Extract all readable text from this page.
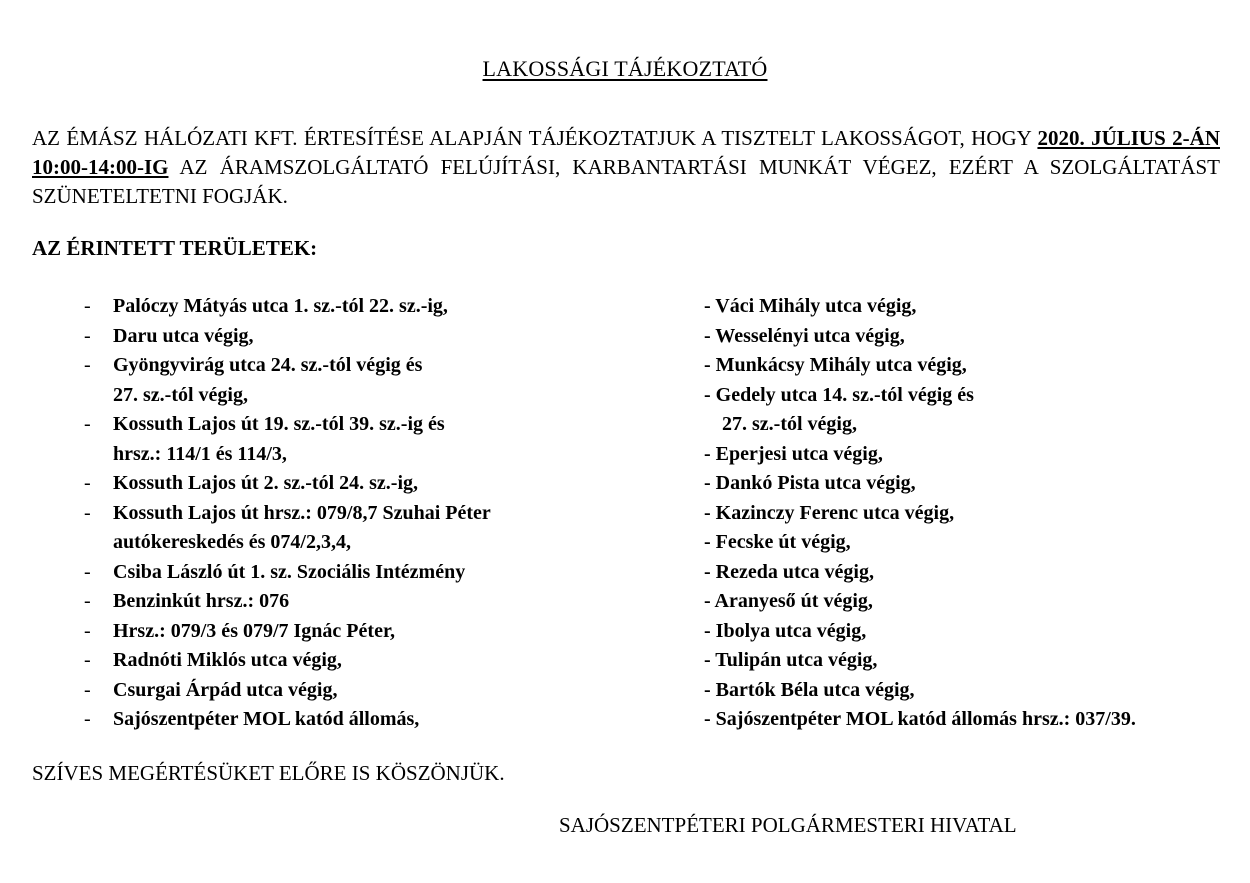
LAKOSSÁGI TÁJÉKOZTATÓ
AZ ÉMÁSZ HÁLÓZATI KFT. ÉRTESÍTÉSE ALAPJÁN TÁJÉKOZTATJUK A TISZTELT LAKOSSÁGOT, HOGY 2020. JÚLIUS 2-ÁN 10:00-14:00-IG AZ ÁRAMSZOLGÁLTATÓ FELÚJÍTÁSI, KARBANTARTÁSI MUNKÁT VÉGEZ, EZÉRT A SZOLGÁLTATÁST SZÜNETELTETNI FOGJÁK.
AZ ÉRINTETT TERÜLETEK:
-	Palóczy Mátyás utca 1. sz.-tól 22. sz.-ig,
-	Daru utca végig,
-	Gyöngyvirág utca 24. sz.-tól végig és
27. sz.-tól végig,
-	Kossuth Lajos út 19. sz.-tól 39. sz.-ig és
hrsz.: 114/1 és 114/3,
-	Kossuth Lajos út 2. sz.-tól 24. sz.-ig,
-	Kossuth Lajos út hrsz.: 079/8,7 Szuhai Péter
autókereskedés és 074/2,3,4,
-	Csiba László út 1. sz. Szociális Intézmény
-	Benzinkút hrsz.: 076
-	Hrsz.: 079/3 és 079/7 Ignác Péter,
-	Radnóti Miklós utca végig,
-	Csurgai Árpád utca végig,
-	Sajószentpéter MOL katód állomás,
- Váci Mihály utca végig,
- Wesselényi utca végig,
- Munkácsy Mihály utca végig,
- Gedely utca 14. sz.-tól végig és
27. sz.-tól végig,
- Eperjesi utca végig,
- Dankó Pista utca végig,
- Kazinczy Ferenc utca végig,
- Fecske út végig,
- Rezeda utca végig,
- Aranyeső út végig,
- Ibolya utca végig,
- Tulipán utca végig,
- Bartók Béla utca végig,
- Sajószentpéter MOL katód állomás hrsz.: 037/39.
SZÍVES MEGÉRTÉSÜKET ELŐRE IS KÖSZÖNJÜK.
SAJÓSZENTPÉTERI POLGÁRMESTERI HIVATAL
